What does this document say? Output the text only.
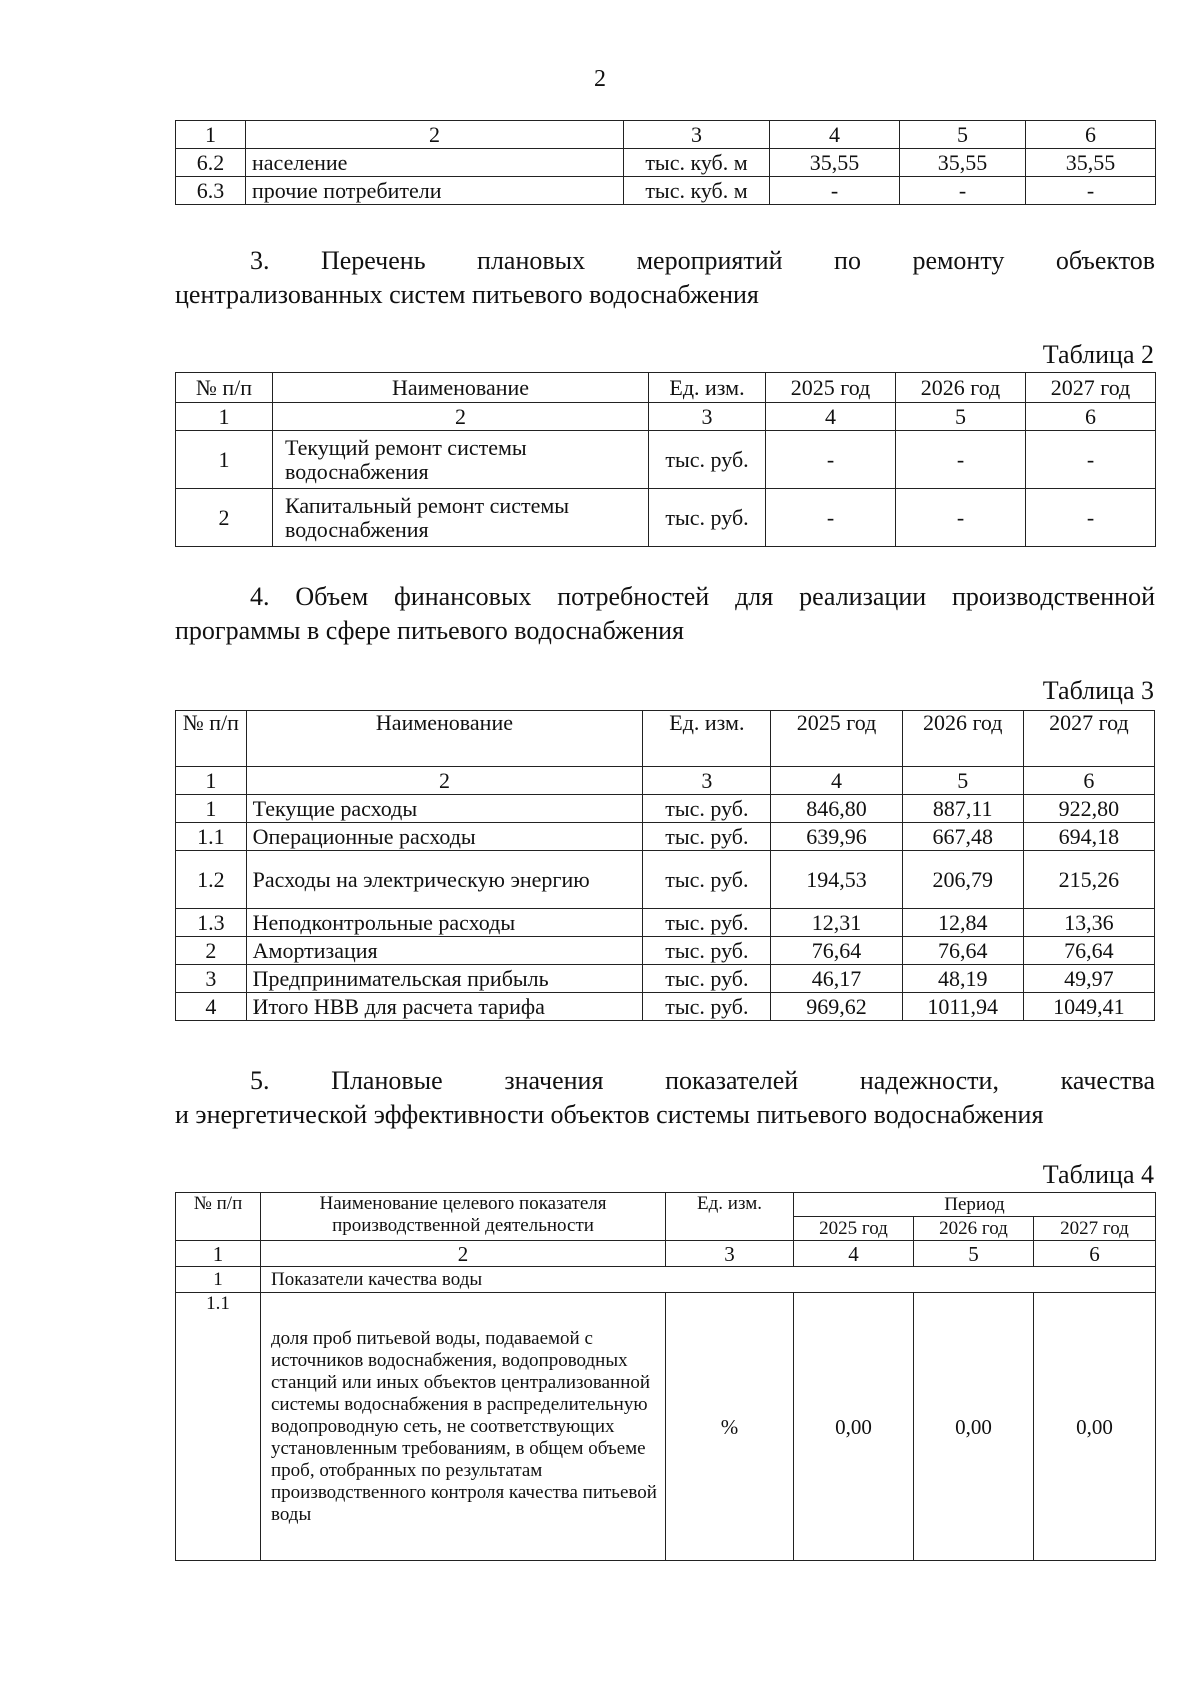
2
1	2	3	4	5	6
6.2	население	тыс. куб. м	35,55	35,55	35,55
6.3	прочие потребители	тыс. куб. м	-	-	-
3. Перечень плановых мероприятий по ремонту объектов
централизованных систем питьевого водоснабжения
Таблица 2
№ п/п	Наименование	Ед. изм.	2025 год	2026 год	2027 год
1	2	3	4	5	6
1	Текущий ремонт системы водоснабжения	тыс. руб.	-	-	-
2	Капитальный ремонт системы водоснабжения	тыс. руб.	-	-	-
4. Объем финансовых потребностей для реализации производственной
программы в сфере питьевого водоснабжения
Таблица 3
№ п/п	Наименование	Ед. изм.	2025 год	2026 год	2027 год
1	2	3	4	5	6
1	Текущие расходы	тыс. руб.	846,80	887,11	922,80
1.1	Операционные расходы	тыс. руб.	639,96	667,48	694,18
1.2	Расходы на электрическую энергию	тыс. руб.	194,53	206,79	215,26
1.3	Неподконтрольные расходы	тыс. руб.	12,31	12,84	13,36
2	Амортизация	тыс. руб.	76,64	76,64	76,64
3	Предпринимательская прибыль	тыс. руб.	46,17	48,19	49,97
4	Итого НВВ для расчета тарифа	тыс. руб.	969,62	1011,94	1049,41
5. Плановые значения показателей надежности, качества
и энергетической эффективности объектов системы питьевого водоснабжения
Таблица 4
№ п/п	Наименование целевого показателя производственной деятельности	Ед. изм.	Период		
			2025 год	2026 год	2027 год
1	2	3	4	5	6
1	Показатели качества воды				
1.1	доля проб питьевой воды, подаваемой с источников водоснабжения, водопроводных станций или иных объектов централизованной системы водоснабжения в распределительную водопроводную сеть, не соответствующих установленным требованиям, в общем объеме проб, отобранных по результатам производственного контроля качества питьевой воды	%	0,00	0,00	0,00
